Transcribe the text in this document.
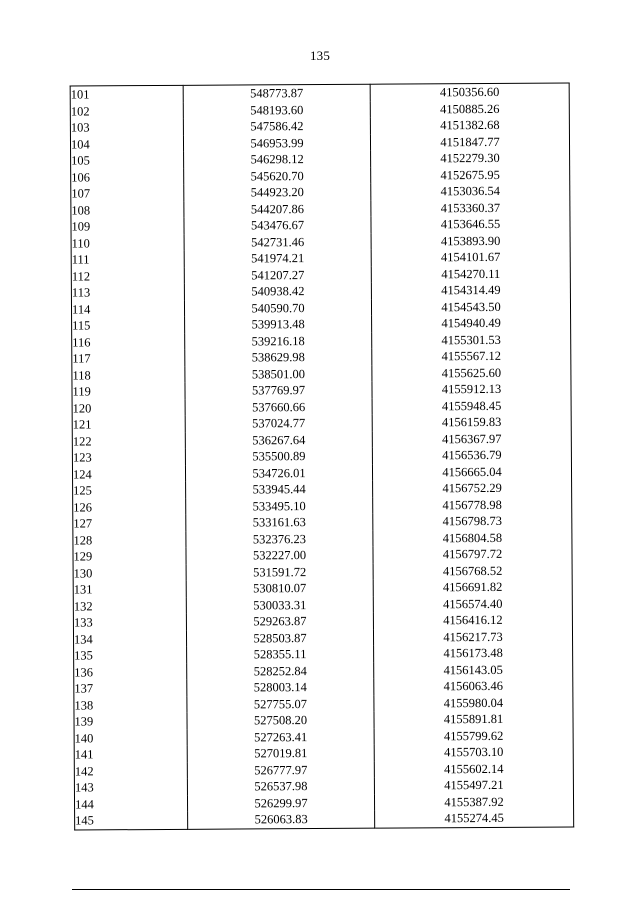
135
101	548773.87	4150356.60
102	548193.60	4150885.26
103	547586.42	4151382.68
104	546953.99	4151847.77
105	546298.12	4152279.30
106	545620.70	4152675.95
107	544923.20	4153036.54
108	544207.86	4153360.37
109	543476.67	4153646.55
110	542731.46	4153893.90
111	541974.21	4154101.67
112	541207.27	4154270.11
113	540938.42	4154314.49
114	540590.70	4154543.50
115	539913.48	4154940.49
116	539216.18	4155301.53
117	538629.98	4155567.12
118	538501.00	4155625.60
119	537769.97	4155912.13
120	537660.66	4155948.45
121	537024.77	4156159.83
122	536267.64	4156367.97
123	535500.89	4156536.79
124	534726.01	4156665.04
125	533945.44	4156752.29
126	533495.10	4156778.98
127	533161.63	4156798.73
128	532376.23	4156804.58
129	532227.00	4156797.72
130	531591.72	4156768.52
131	530810.07	4156691.82
132	530033.31	4156574.40
133	529263.87	4156416.12
134	528503.87	4156217.73
135	528355.11	4156173.48
136	528252.84	4156143.05
137	528003.14	4156063.46
138	527755.07	4155980.04
139	527508.20	4155891.81
140	527263.41	4155799.62
141	527019.81	4155703.10
142	526777.97	4155602.14
143	526537.98	4155497.21
144	526299.97	4155387.92
145	526063.83	4155274.45
